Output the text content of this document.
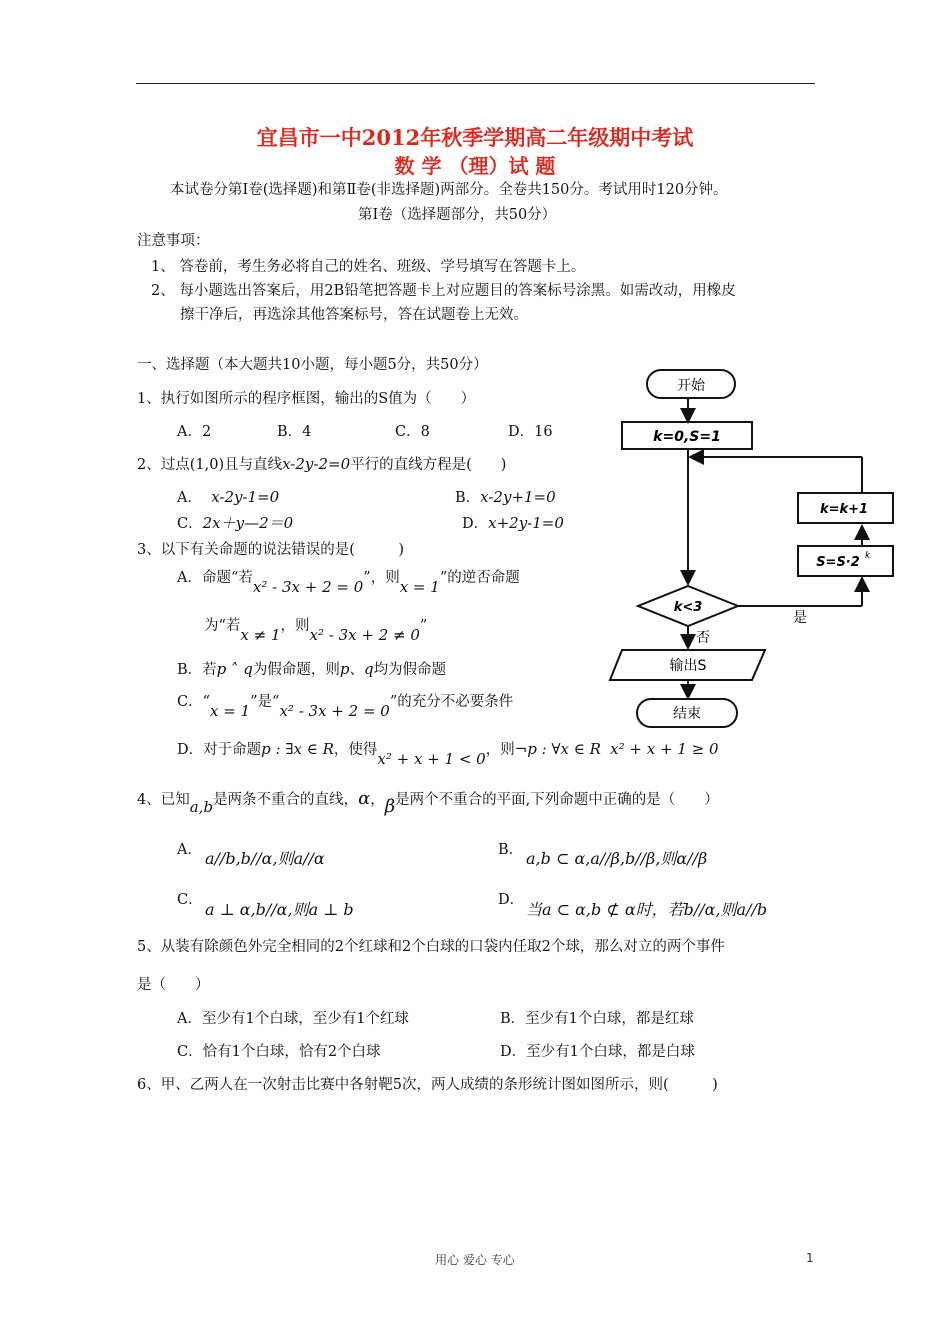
宜昌市一中2012年秋季学期高二年级期中考试
数 学 （理）试 题
本试卷分第Ⅰ卷(选择题)和第Ⅱ卷(非选择题)两部分。全卷共150分。考试用时120分钟。
第Ⅰ卷（选择题部分，共50分）
注意事项：
1、 答卷前，考生务必将自己的姓名、班级、学号填写在答题卡上。
2、 每小题选出答案后，用2B铅笔把答题卡上对应题目的答案标号涂黑。如需改动，用橡皮
擦干净后，再选涂其他答案标号，答在试题卷上无效。
一、选择题（本大题共10小题，每小题5分，共50分）
1、执行如图所示的程序框图，输出的S值为（　　）
A．2	B．4	C．8	D．16
2、过点(1,0)且与直线x-2y-2=0平行的直线方程是(　　)
A． x-2y-1=0	B．x-2y+1=0
C．2x＋y—2＝0	D．x+2y-1=0
3、以下有关命题的说法错误的是(　　　)
A．命题“若x² - 3x + 2 = 0”，则x = 1”的逆否命题
为“若x ≠ 1，则x² - 3x + 2 ≠ 0”
B．若p ˄ q为假命题，则p、q均为假命题
C．“x = 1”是“x² - 3x + 2 = 0”的充分不必要条件
D．对于命题p : ∃x ∈ R，使得x² + x + 1 < 0，则¬p : ∀x ∈ R x² + x + 1 ≥ 0
4、已知a,b是两条不重合的直线，α，β是两个不重合的平面,下列命题中正确的是（　　）
A． a//b,b//α,则a//α	B． a,b ⊂ α,a//β,b//β,则α//β
C． a ⊥ α,b//α,则a ⊥ b	D． 当a ⊂ α,b ⊄ α时，若b//α,则a//b
5、从装有除颜色外完全相同的2个红球和2个白球的口袋内任取2个球，那么对立的两个事件
是（　　）
A．至少有1个白球，至少有1个红球	B．至少有1个白球，都是红球
C．恰有1个白球，恰有2个白球	D．至少有1个白球，都是白球
6、甲、乙两人在一次射击比赛中各射靶5次，两人成绩的条形统计图如图所示，则(　　　)
开始
k=0,S=1
k<3
是
否
k=k+1
S=S·2 k
输出S
结束
用心 爱心 专心	1
